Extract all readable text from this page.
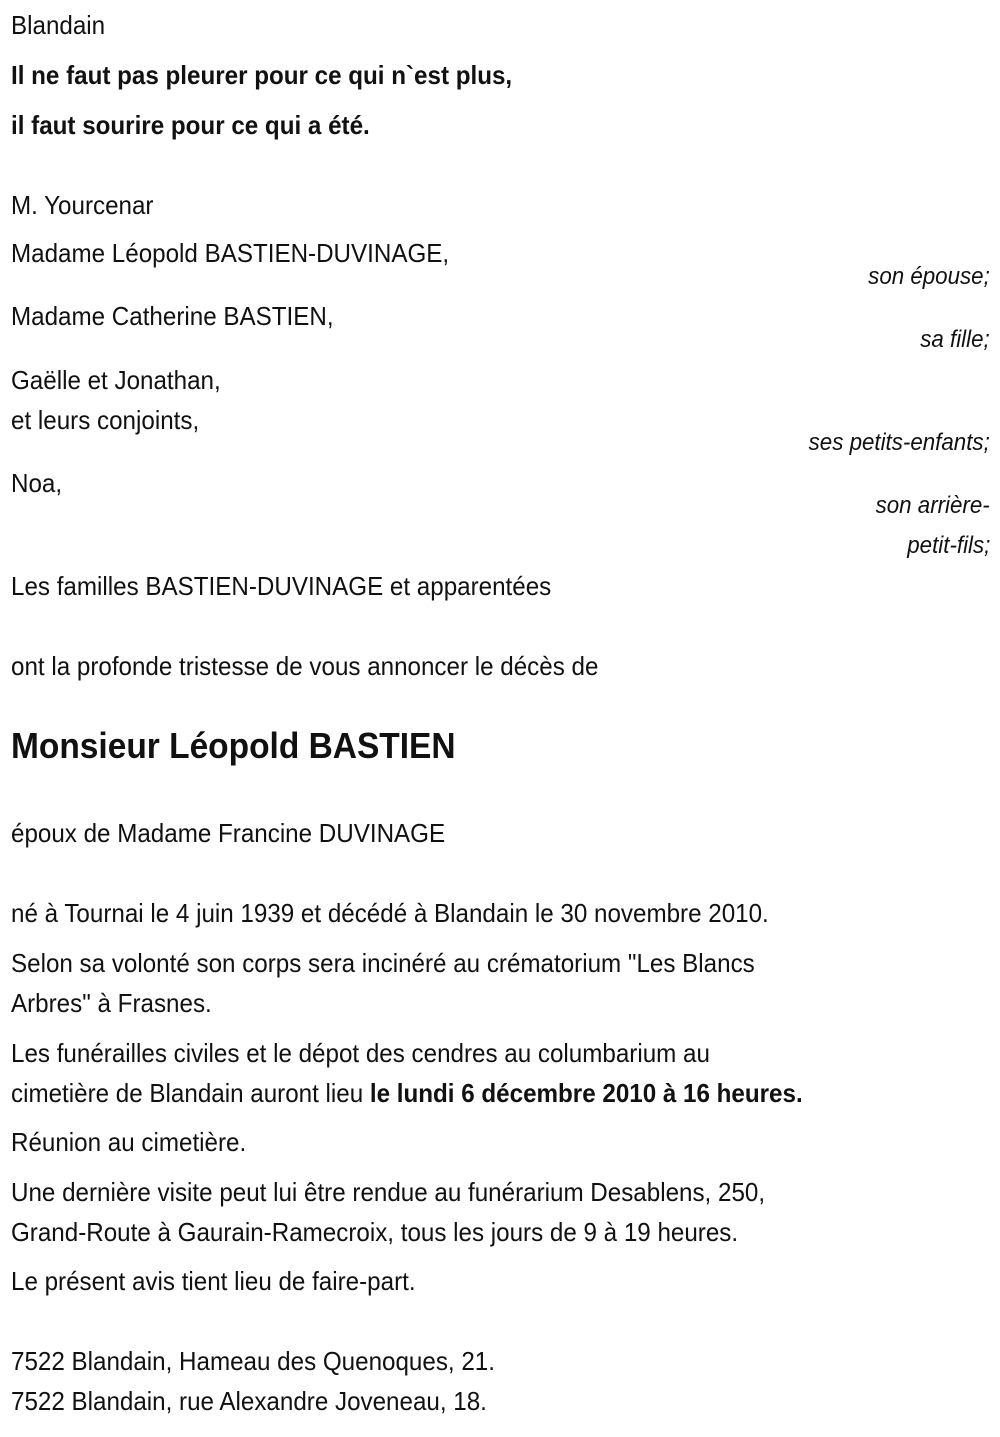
Blandain
Il ne faut pas pleurer pour ce qui n`est plus,
il faut sourire pour ce qui a été.
M. Yourcenar
Madame Léopold BASTIEN-DUVINAGE,
son épouse;
Madame Catherine BASTIEN,
sa fille;
Gaëlle et Jonathan,
et leurs conjoints,
ses petits-enfants;
Noa,
son arrière-
petit-fils;
Les familles BASTIEN-DUVINAGE et apparentées
ont la profonde tristesse de vous annoncer le décès de
Monsieur Léopold BASTIEN
époux de Madame Francine DUVINAGE
né à Tournai le 4 juin 1939 et décédé à Blandain le 30 novembre 2010.
Selon sa volonté son corps sera incinéré au crématorium "Les Blancs
Arbres" à Frasnes.
Les funérailles civiles et le dépot des cendres au columbarium au
cimetière de Blandain auront lieu le lundi 6 décembre 2010 à 16 heures.
Réunion au cimetière.
Une dernière visite peut lui être rendue au funérarium Desablens, 250,
Grand-Route à Gaurain-Ramecroix, tous les jours de 9 à 19 heures.
Le présent avis tient lieu de faire-part.
7522 Blandain, Hameau des Quenoques, 21.
7522 Blandain, rue Alexandre Joveneau, 18.
